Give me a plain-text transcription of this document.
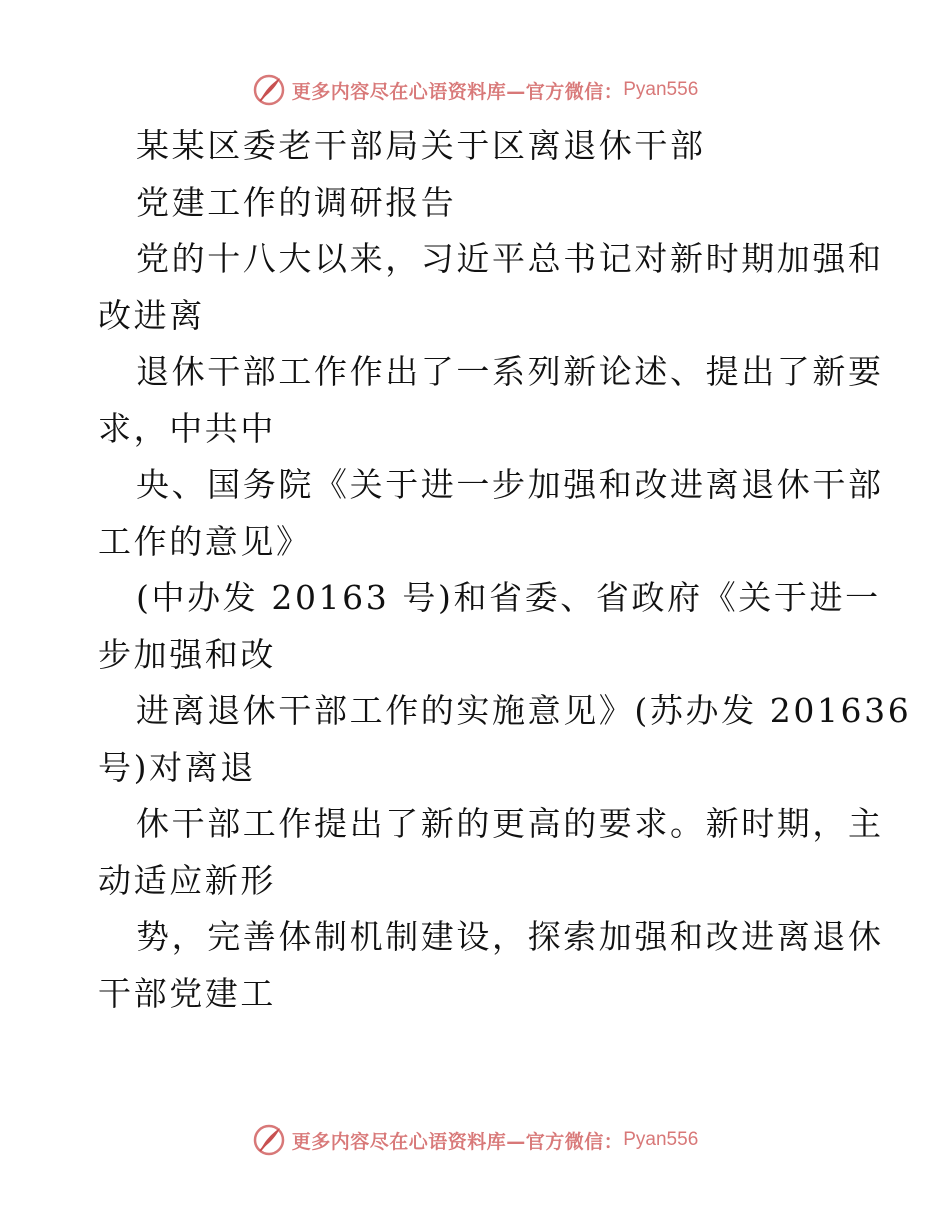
更多内容尽在心语资料库—官方微信： Pyan556
某某区委老干部局关于区离退休干部
党建工作的调研报告
党的十八大以来，习近平总书记对新时期加强和
改进离
退休干部工作作出了一系列新论述、提出了新要
求，中共中
央、国务院《关于进一步加强和改进离退休干部
工作的意见》
(中办发 20163 号)和省委、省政府《关于进一
步加强和改
进离退休干部工作的实施意见》(苏办发 201636
号)对离退
休干部工作提出了新的更高的要求。新时期，主
动适应新形
势，完善体制机制建设，探索加强和改进离退休
干部党建工
更多内容尽在心语资料库—官方微信： Pyan556
